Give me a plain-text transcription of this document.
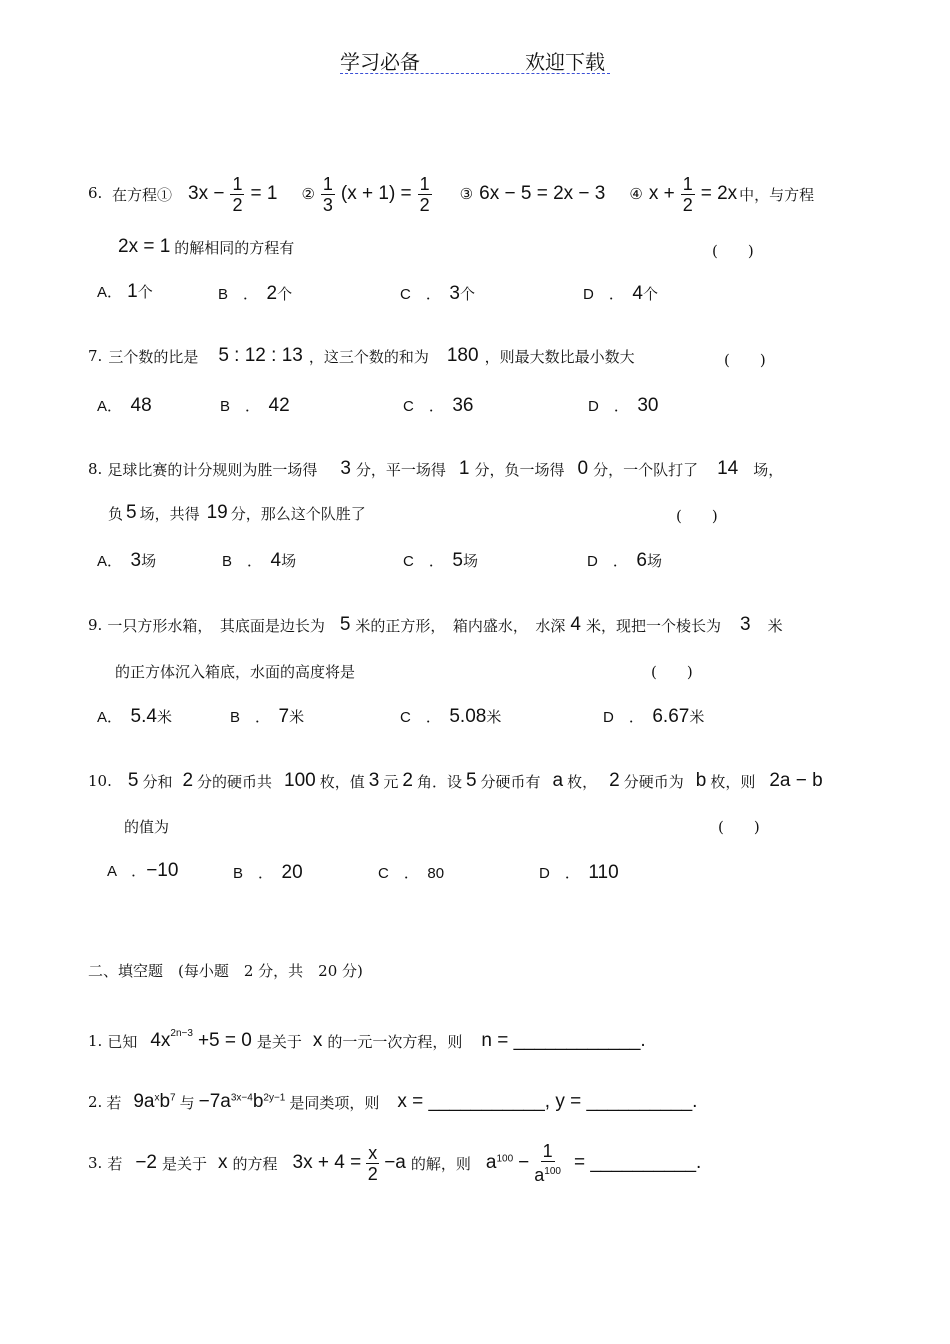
学习必备	欢迎下载
6. 在方程① $3x - \frac{1}{2} = 1$ ② $\frac{1}{3} (x + 1) = \frac{1}{2}$ ③ 6x − 5 = 2x − 3 ④ $x + \frac{1}{2} = 2x$ 中，与方程
2x = 1 的解相同的方程有	(　　)
A． 1个	B　．　 2个	C　．　 3个	D　．　 4个
7. 三个数的比是 5 : 12 : 13 ，这三个数的和为 180 ，则最大数比最小数大	(　　)
A．　 48	B　．　 42	C　．　 36	D　．　 30
8. 足球比赛的计分规则为胜一场得 3 分，平一场得 1 分，负一场得 0 分，一个队打了 14 场，
负 5 场，共得 19 分，那么这个队胜了	(　　)
A．　 3场	B　．　 4场	C　．　 5场	D　．　 6场
9. 一只方形水箱，　其底面是边长为 5 米的正方形，　箱内盛水，　水深 4 米，现把一个棱长为 3 米
的正方体沉入箱底，水面的高度将是	(　　)
A．　 5.4米	B　．　 7米	C　．　 5.08米	D　．　 6.67米
10. 5 分和 2 分的硬币共 100 枚，值 3 元 2 角．设 5 分硬币有 a 枚， 2 分硬币为 b 枚，则 2a − b
的值为	(　　)
A　．−10	B　．　 20	C　．　 80	D　．　 110
二、填空题　(每小题　2 分，共　20 分)
1. 已知 $4x^{2n-3} +5 = 0$ 是关于 x 的一元一次方程，则 n = ____________.
2. 若 $9a^xb^7$ 与 $-7a^{3x-4}b^{2y-1}$ 是同类项，则 x = ___________, y = __________.
3. 若 −2 是关于 x 的方程 $3x + 4 = \frac{x}{2} -a$ 的解，则 $a^{100} - \frac{1}{a^{100}}$ = __________.
